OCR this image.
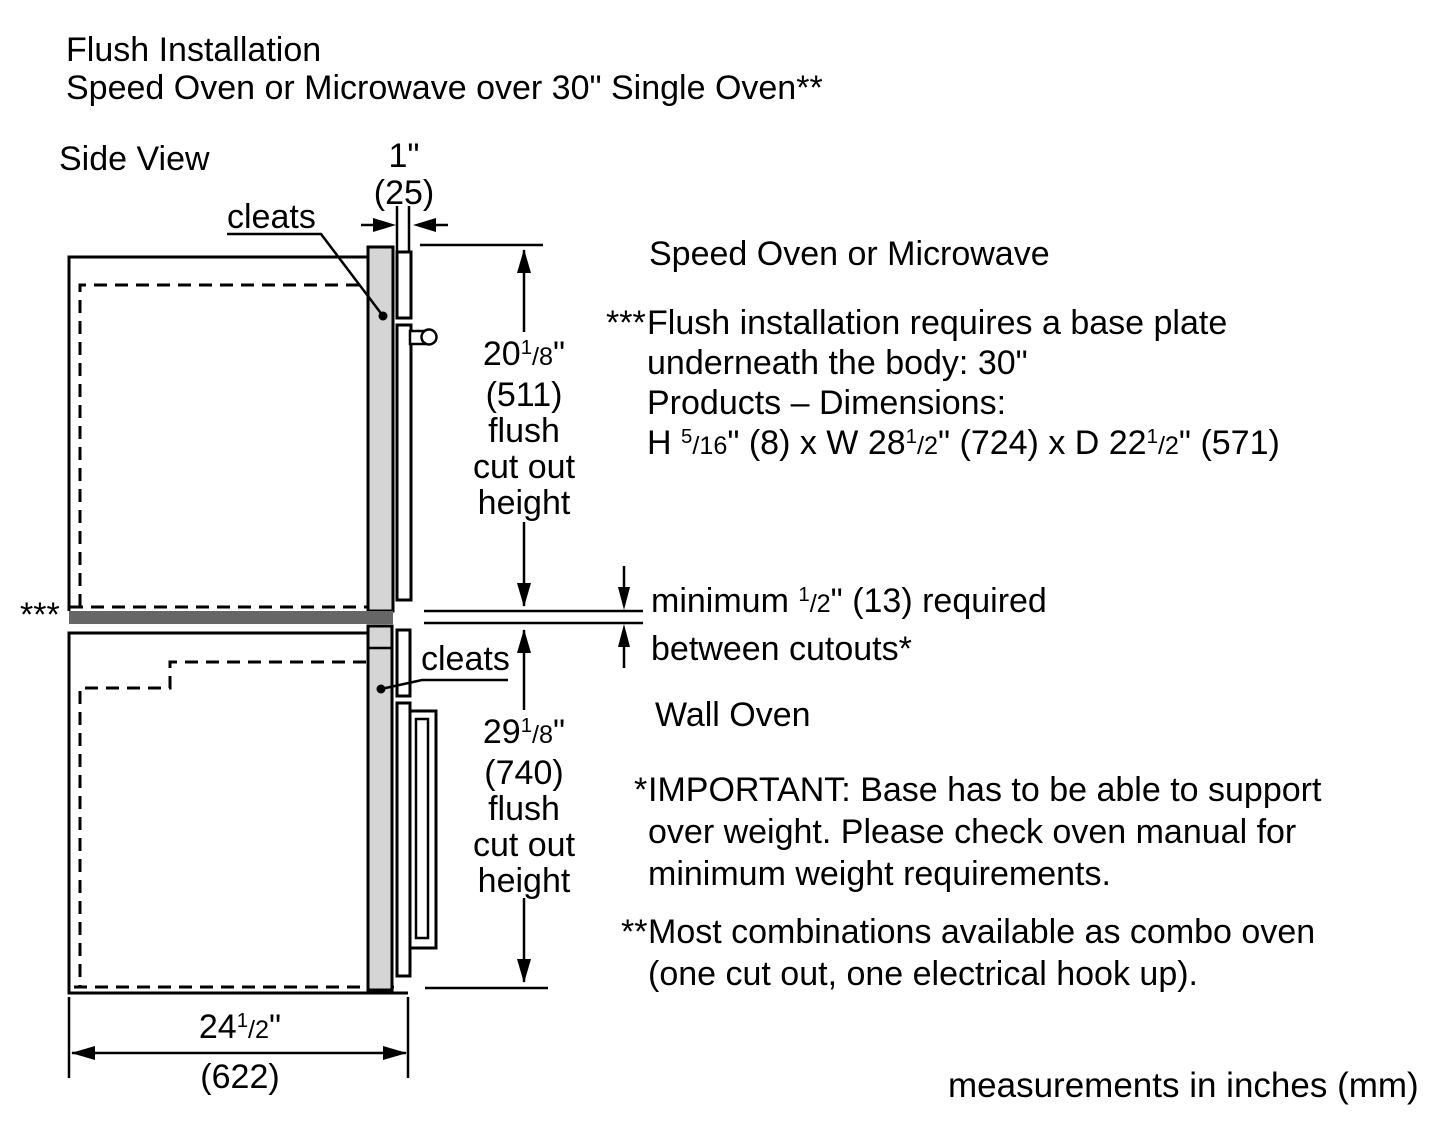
Flush Installation
Speed Oven or Microwave over 30" Single Oven**
Side View	1"
(25)
cleats
cleats
***
$20^1/8$"
(511)
flush
cut out
height
$29^1/8$"
(740)
flush
cut out
height
$24^1/2$"
(622)
Speed Oven or Microwave
***Flush installation requires a base plate
underneath the body: 30"
Products – Dimensions:
H $^5$/16" (8) x W $28^1/2$" (724) x D $22^1/2$" (571)
minimum $^1$/2" (13) required
between cutouts*
Wall Oven
*IMPORTANT: Base has to be able to support
over weight. Please check oven manual for
minimum weight requirements.
**Most combinations available as combo oven
(one cut out, one electrical hook up).
measurements in inches (mm)
